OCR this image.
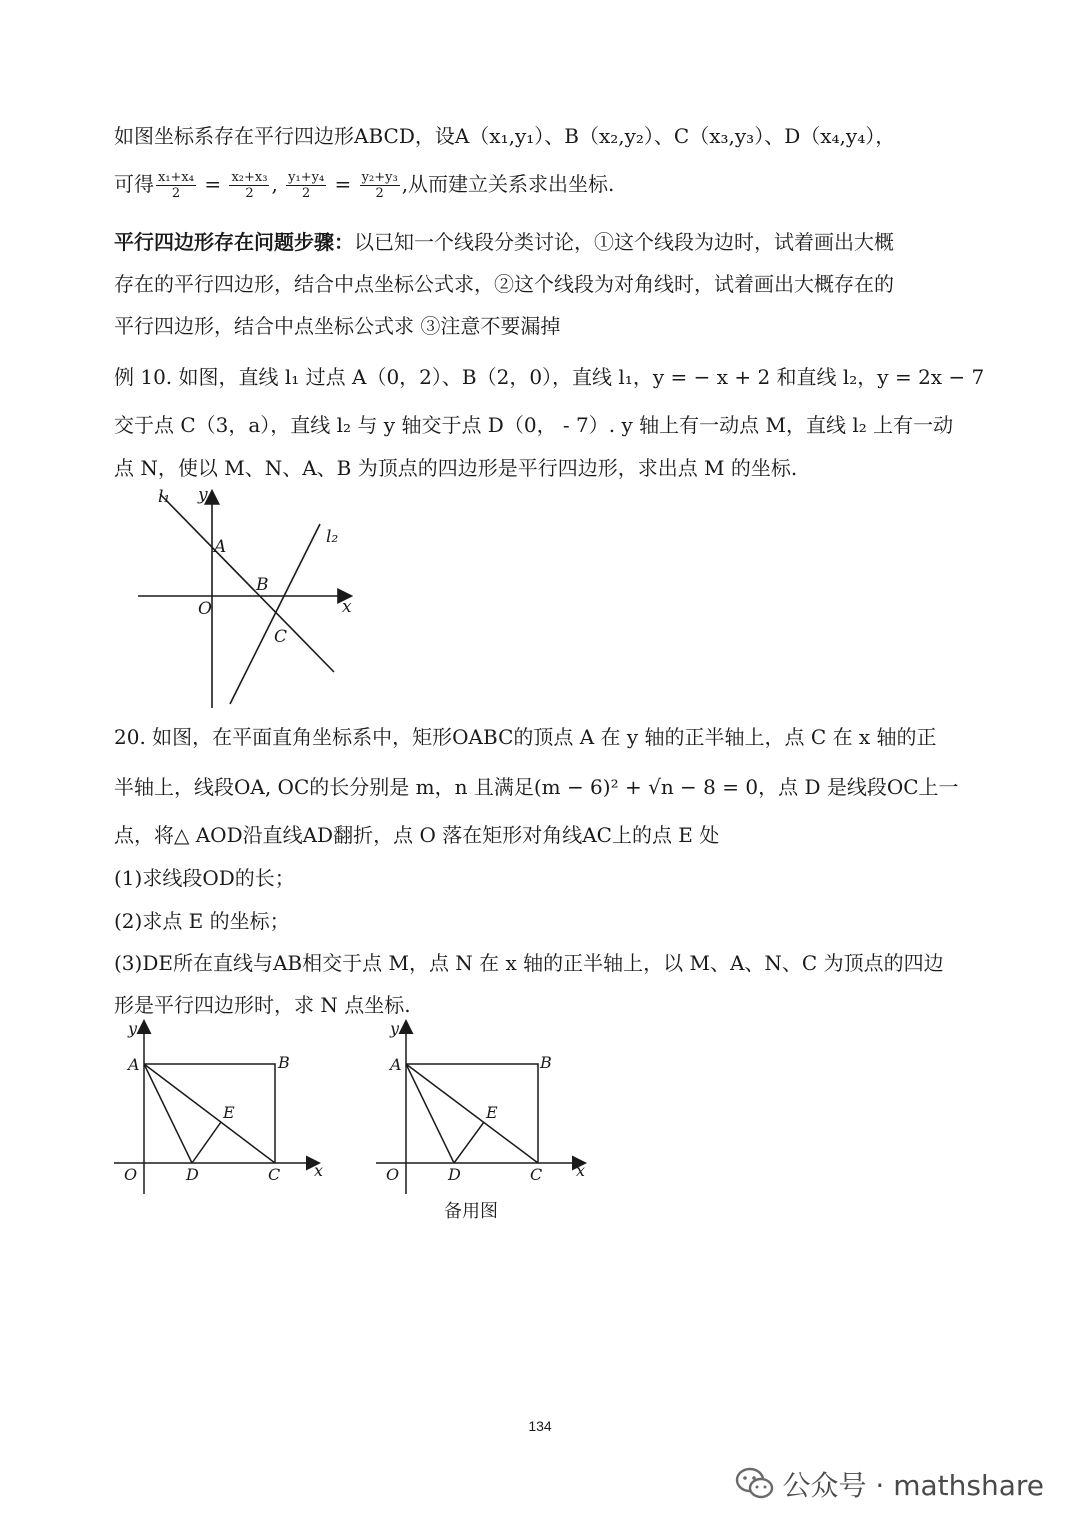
如图坐标系存在平行四边形ABCD，设A（x₁,y₁）、B（x₂,y₂）、C（x₃,y₃）、D（x₄,y₄），
可得 $\frac{\text{x₁+x₄}}{2} = \frac{\text{x₂+x₃}}{2}$ , $\frac{\text{y₁+y₄}}{2} = \frac{\text{y₂+y₃}}{2}$ ,从而建立关系求出坐标.
平行四边形存在问题步骤：以已知一个线段分类讨论，①这个线段为边时，试着画出大概
存在的平行四边形，结合中点坐标公式求，②这个线段为对角线时，试着画出大概存在的
平行四边形，结合中点坐标公式求 ③注意不要漏掉
例 10. 如图，直线 l₁ 过点 A（0，2）、B（2，0），直线 l₁，y = − x + 2 和直线 l₂，y = 2x − 7
交于点 C（3，a），直线 l₂ 与 y 轴交于点 D（0， - 7）. y 轴上有一动点 M，直线 l₂ 上有一动
点 N，使以 M、N、A、B 为顶点的四边形是平行四边形，求出点 M 的坐标.
l₁ y
A	l₂
B
O	x
C
20. 如图，在平面直角坐标系中，矩形OABC的顶点 A 在 y 轴的正半轴上，点 C 在 x 轴的正
半轴上，线段OA, OC的长分别是 m，n 且满足(m − 6)² + √n − 8 = 0，点 D 是线段OC上一
点，将△ AOD沿直线AD翻折，点 O 落在矩形对角线AC上的点 E 处
(1)求线段OD的长；
(2)求点 E 的坐标；
(3)DE所在直线与AB相交于点 M，点 N 在 x 轴的正半轴上，以 M、A、N、C 为顶点的四边
形是平行四边形时，求 N 点坐标.
y
A	B
E
O	D	C x
y
A	B
E
O	D	C x
备用图
134
公众号 · mathshare
